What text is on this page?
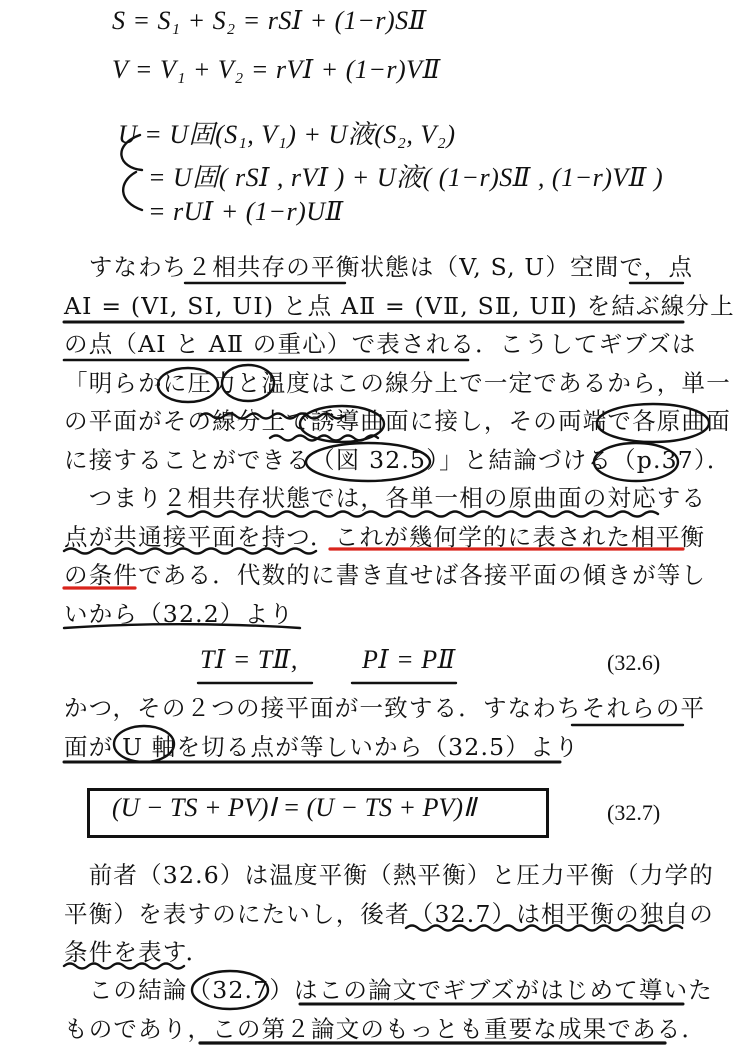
S = S₁ + S₂ = rSⅠ + (1−r)SⅡ
V = V₁ + V₂ = rVⅠ + (1−r)VⅡ
U = U固(S₁, V₁) + U液(S₂, V₂)
= U固( rSⅠ , rVⅠ ) + U液( (1−r)SⅡ , (1−r)VⅡ )
= rUⅠ + (1−r)UⅡ
　すなわち２相共存の平衡状態は（V, S, U）空間で，点
AⅠ = (VⅠ, SⅠ, UⅠ) と点 AⅡ = (VⅡ, SⅡ, UⅡ) を結ぶ線分上
の点（AⅠ と AⅡ の重心）で表される．こうしてギブズは
「明らかに圧力と温度はこの線分上で一定であるから，単一
の平面がその線分上で誘導曲面に接し，その両端で各原曲面
に接することができる（図 32.5）」と結論づける（p.37）．
　つまり２相共存状態では，各単一相の原曲面の対応する
点が共通接平面を持つ．これが幾何学的に表された相平衡
の条件である．代数的に書き直せば各接平面の傾きが等し
いから（32.2）より
TⅠ = TⅡ, PⅠ = PⅡ	(32.6)
かつ，その２つの接平面が一致する．すなわちそれらの平
面が U 軸を切る点が等しいから（32.5）より
(U − TS + PV)Ⅰ = (U − TS + PV)Ⅱ	(32.7)
　前者（32.6）は温度平衡（熱平衡）と圧力平衡（力学的
平衡）を表すのにたいし，後者（32.7）は相平衡の独自の
条件を表す．
　この結論（32.7）はこの論文でギブズがはじめて導いた
ものであり，この第２論文のもっとも重要な成果である．
